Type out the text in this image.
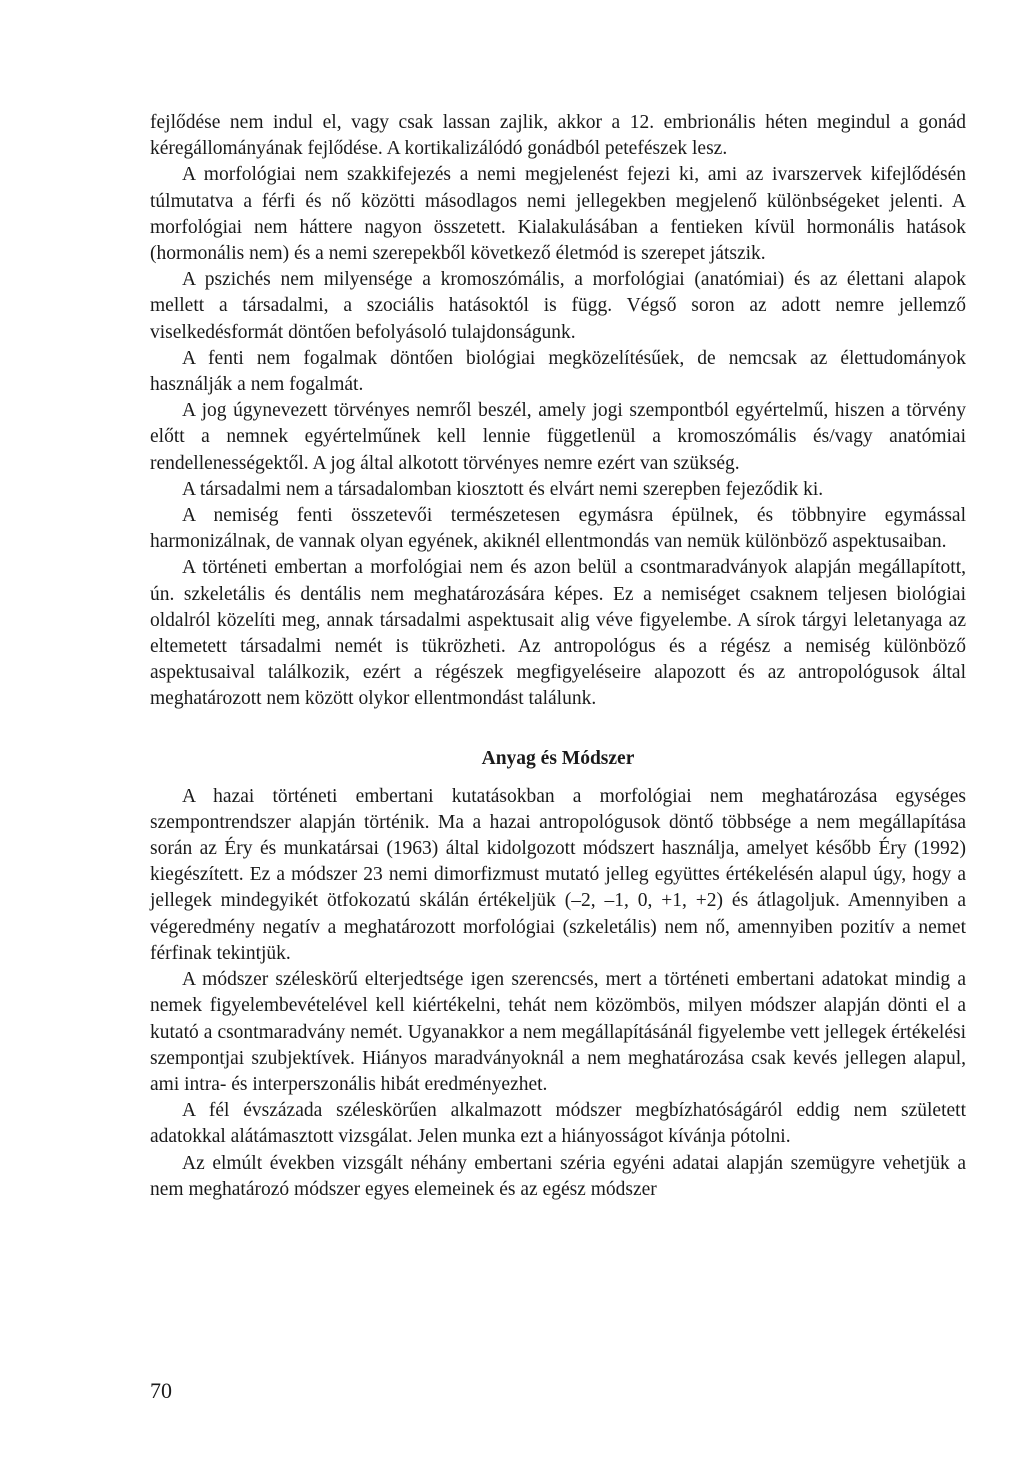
fejlődése nem indul el, vagy csak lassan zajlik, akkor a 12. embrionális héten megindul a gonád kéregállományának fejlődése. A kortikalizálódó gonádból petefészek lesz.

A morfológiai nem szakkifejezés a nemi megjelenést fejezi ki, ami az ivarszervek kifejlődésén túlmutatva a férfi és nő közötti másodlagos nemi jellegekben megjelenő különbségeket jelenti. A morfológiai nem háttere nagyon összetett. Kialakulásában a fentieken kívül hormonális hatások (hormonális nem) és a nemi szerepekből következő életmód is szerepet játszik.

A pszichés nem milyensége a kromoszómális, a morfológiai (anatómiai) és az élettani alapok mellett a társadalmi, a szociális hatásoktól is függ. Végső soron az adott nemre jellemző viselkedésformát döntően befolyásoló tulajdonságunk.

A fenti nem fogalmak döntően biológiai megközelítésűek, de nemcsak az élettudományok használják a nem fogalmát.

A jog úgynevezett törvényes nemről beszél, amely jogi szempontból egyértelmű, hiszen a törvény előtt a nemnek egyértelműnek kell lennie függetlenül a kromoszómális és/vagy anatómiai rendellenességektől. A jog által alkotott törvényes nemre ezért van szükség.

A társadalmi nem a társadalomban kiosztott és elvárt nemi szerepben fejeződik ki.

A nemiség fenti összetevői természetesen egymásra épülnek, és többnyire egymással harmonizálnak, de vannak olyan egyének, akiknél ellentmondás van nemük különböző aspektusaiban.

A történeti embertan a morfológiai nem és azon belül a csontmaradványok alapján megállapított, ún. szkeletális és dentális nem meghatározására képes. Ez a nemiséget csaknem teljesen biológiai oldalról közelíti meg, annak társadalmi aspektusait alig véve figyelembe. A sírok tárgyi leletanyaga az eltemetett társadalmi nemét is tükrözheti. Az antropológus és a régész a nemiség különböző aspektusaival találkozik, ezért a régészek megfigyeléseire alapozott és az antropológusok által meghatározott nem között olykor ellentmondást találunk.

Anyag és Módszer

A hazai történeti embertani kutatásokban a morfológiai nem meghatározása egységes szempontrendszer alapján történik. Ma a hazai antropológusok döntő többsége a nem megállapítása során az Éry és munkatársai (1963) által kidolgozott módszert használja, amelyet később Éry (1992) kiegészített. Ez a módszer 23 nemi dimorfizmust mutató jelleg együttes értékelésén alapul úgy, hogy a jellegek mindegyikét ötfokozatú skálán értékeljük (–2, –1, 0, +1, +2) és átlagoljuk. Amennyiben a végeredmény negatív a meghatározott morfológiai (szkeletális) nem nő, amennyiben pozitív a nemet férfinak tekintjük.

A módszer széleskörű elterjedtsége igen szerencsés, mert a történeti embertani adatokat mindig a nemek figyelembevételével kell kiértékelni, tehát nem közömbös, milyen módszer alapján dönti el a kutató a csontmaradvány nemét. Ugyanakkor a nem megállapításánál figyelembe vett jellegek értékelési szempontjai szubjektívek. Hiányos maradványoknál a nem meghatározása csak kevés jellegen alapul, ami intra- és interperszonális hibát eredményezhet.

A fél évszázada széleskörűen alkalmazott módszer megbízhatóságáról eddig nem született adatokkal alátámasztott vizsgálat. Jelen munka ezt a hiányosságot kívánja pótolni.

Az elmúlt években vizsgált néhány embertani széria egyéni adatai alapján szemügyre vehetjük a nem meghatározó módszer egyes elemeinek és az egész módszer

70
